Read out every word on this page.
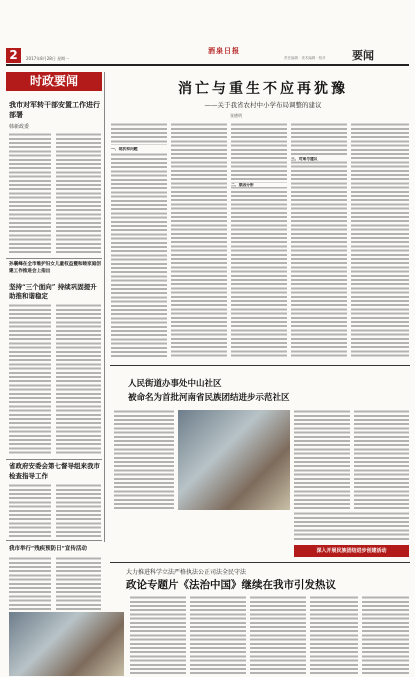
2	2017年8月28日 星期一
酒泉日报
责任编辑 · 美术编辑 · 校对 要闻
时政要闻
我市对军转干部安置工作进行部署
韩新政委
孙襄峰在全市维护妇女儿童权益暨和睦家庭创建工作推进会上指出
坚持“三个面向” 持续巩固提升 助推和谐稳定
省政府安委会第七督导组来我市检查指导工作
我市举行“残疾预防日”宣传活动
消亡与重生不应再犹豫
——关于我省农村中小学布局调整的建议
张德明
一、现状和问题
二、原因分析
三、对策与建议
人民街道办事处中山社区
被命名为首批河南省民族团结进步示范社区
深入开展民族团结进步创建活动
大力推进科学立法严格执法公正司法全民守法
政论专题片《法治中国》继续在我市引发热议
